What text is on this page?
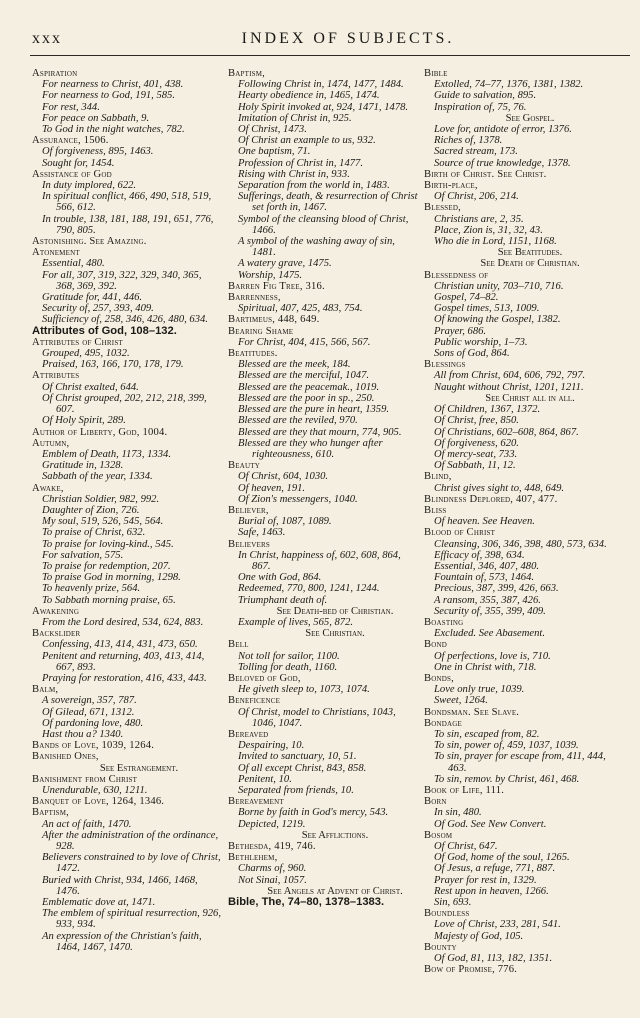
xxx	INDEX OF SUBJECTS.

Aspiration

For nearness to Christ, 401, 438.

For nearness to God, 191, 585.

For rest, 344.

For peace on Sabbath, 9.

To God in the night watches, 782.

Assurance, 1506.

Of forgiveness, 895, 1463.

Sought for, 1454.

Assistance of God

In duty implored, 622.

In spiritual conflict, 466, 490, 518, 519, 566, 612.

In trouble, 138, 181, 188, 191, 651, 776, 790, 805.

Astonishing. See Amazing.

Atonement

Essential, 480.

For all, 307, 319, 322, 329, 340, 365, 368, 369, 392.

Gratitude for, 441, 446.

Security of, 257, 393, 409.

Sufficiency of, 258, 346, 426, 480, 634.

Attributes of God, 108–132.

Attributes of Christ

Grouped, 495, 1032.

Praised, 163, 166, 170, 178, 179.

Attributes

Of Christ exalted, 644.

Of Christ grouped, 202, 212, 218, 399, 607.

Of Holy Spirit, 289.

Author of Liberty, God, 1004.

Autumn,

Emblem of Death, 1173, 1334.

Gratitude in, 1328.

Sabbath of the year, 1334.

Awake,

Christian Soldier, 982, 992.

Daughter of Zion, 726.

My soul, 519, 526, 545, 564.

To praise of Christ, 632.

To praise for loving-kind., 545.

For salvation, 575.

To praise for redemption, 207.

To praise God in morning, 1298.

To heavenly prize, 564.

To Sabbath morning praise, 65.

Awakening

From the Lord desired, 534, 624, 883.

Backslider

Confessing, 413, 414, 431, 473, 650.

Penitent and returning, 403, 413, 414, 667, 893.

Praying for restoration, 416, 433, 443.

Balm,

A sovereign, 357, 787.

Of Gilead, 671, 1312.

Of pardoning love, 480.

Hast thou a? 1340.

Bands of Love, 1039, 1264.

Banished Ones,

See Estrangement.

Banishment from Christ

Unendurable, 630, 1211.

Banquet of Love, 1264, 1346.

Baptism,

An act of faith, 1470.

After the administration of the ordinance, 928.

Believers constrained to by love of Christ, 1472.

Buried with Christ, 934, 1466, 1468, 1476.

Emblematic dove at, 1471.

The emblem of spiritual resurrection, 926, 933, 934.

An expression of the Christian's faith, 1464, 1467, 1470.

Baptism,

Following Christ in, 1474, 1477, 1484.

Hearty obedience in, 1465, 1474.

Holy Spirit invoked at, 924, 1471, 1478.

Imitation of Christ in, 925.

Of Christ, 1473.

Of Christ an example to us, 932.

One baptism, 71.

Profession of Christ in, 1477.

Rising with Christ in, 933.

Separation from the world in, 1483.

Sufferings, death, & resurrection of Christ set forth in, 1467.

Symbol of the cleansing blood of Christ, 1466.

A symbol of the washing away of sin, 1481.

A watery grave, 1475.

Worship, 1475.

Barren Fig Tree, 316.

Barrenness,

Spiritual, 407, 425, 483, 754.

Bartimeus, 448, 649.

Bearing Shame

For Christ, 404, 415, 566, 567.

Beatitudes.

Blessed are the meek, 184.

Blessed are the merciful, 1047.

Blessed are the peacemak., 1019.

Blessed are the poor in sp., 250.

Blessed are the pure in heart, 1359.

Blessed are the reviled, 970.

Blessed are they that mourn, 774, 905.

Blessed are they who hunger after righteousness, 610.

Beauty

Of Christ, 604, 1030.

Of heaven, 191.

Of Zion's messengers, 1040.

Believer,

Burial of, 1087, 1089.

Safe, 1463.

Believers

In Christ, happiness of, 602, 608, 864, 867.

One with God, 864.

Redeemed, 770, 800, 1241, 1244.

Triumphant death of.

See Death-bed of Christian.

Example of lives, 565, 872.

See Christian.

Bell

Not toll for sailor, 1100.

Tolling for death, 1160.

Beloved of God,

He giveth sleep to, 1073, 1074.

Beneficence

Of Christ, model to Christians, 1043, 1046, 1047.

Bereaved

Despairing, 10.

Invited to sanctuary, 10, 51.

Of all except Christ, 843, 858.

Penitent, 10.

Separated from friends, 10.

Bereavement

Borne by faith in God's mercy, 543.

Depicted, 1219.

See Afflictions.

Bethesda, 419, 746.

Bethlehem,

Charms of, 960.

Not Sinai, 1057.

See Angels at Advent of Christ.

Bible, The, 74–80, 1378–1383.

Bible

Extolled, 74–77, 1376, 1381, 1382.

Guide to salvation, 895.

Inspiration of, 75, 76.

See Gospel.

Love for, antidote of error, 1376.

Riches of, 1378.

Sacred stream, 173.

Source of true knowledge, 1378.

Birth of Christ. See Christ.

Birth-place,

Of Christ, 206, 214.

Blessed,

Christians are, 2, 35.

Place, Zion is, 31, 32, 43.

Who die in Lord, 1151, 1168.

See Beatitudes.

See Death of Christian.

Blessedness of

Christian unity, 703–710, 716.

Gospel, 74–82.

Gospel times, 513, 1009.

Of knowing the Gospel, 1382.

Prayer, 686.

Public worship, 1–73.

Sons of God, 864.

Blessings

All from Christ, 604, 606, 792, 797.

Naught without Christ, 1201, 1211.

See Christ all in all.

Of Children, 1367, 1372.

Of Christ, free, 850.

Of Christians, 602–608, 864, 867.

Of forgiveness, 620.

Of mercy-seat, 733.

Of Sabbath, 11, 12.

Blind,

Christ gives sight to, 448, 649.

Blindness Deplored, 407, 477.

Bliss

Of heaven. See Heaven.

Blood of Christ

Cleansing, 306, 346, 398, 480, 573, 634.

Efficacy of, 398, 634.

Essential, 346, 407, 480.

Fountain of, 573, 1464.

Precious, 387, 399, 426, 663.

A ransom, 355, 387, 426.

Security of, 355, 399, 409.

Boasting

Excluded. See Abasement.

Bond

Of perfections, love is, 710.

One in Christ with, 718.

Bonds,

Love only true, 1039.

Sweet, 1264.

Bondsman. See Slave.

Bondage

To sin, escaped from, 82.

To sin, power of, 459, 1037, 1039.

To sin, prayer for escape from, 411, 444, 463.

To sin, remov. by Christ, 461, 468.

Book of Life, 111.

Born

In sin, 480.

Of God. See New Convert.

Bosom

Of Christ, 647.

Of God, home of the soul, 1265.

Of Jesus, a refuge, 771, 887.

Prayer for rest in, 1329.

Rest upon in heaven, 1266.

Sin, 693.

Boundless

Love of Christ, 233, 281, 541.

Majesty of God, 105.

Bounty

Of God, 81, 113, 182, 1351.

Bow of Promise, 776.
